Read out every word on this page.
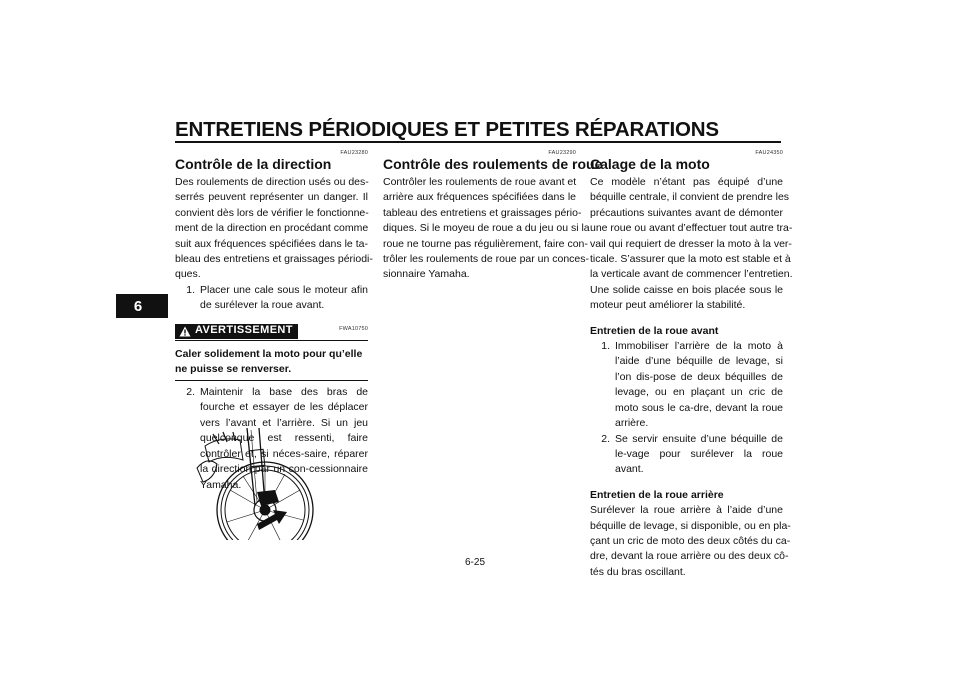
ENTRETIENS PÉRIODIQUES ET PETITES RÉPARATIONS
6
FAU23280
Contrôle de la direction
Des roulements de direction usés ou des-
serrés peuvent représenter un danger. Il
convient dès lors de vérifier le fonctionne-
ment de la direction en procédant comme
suit aux fréquences spécifiées dans le ta-
bleau des entretiens et graissages périodi-
ques.
1. Placer une cale sous le moteur afin de surélever la roue avant.
AVERTISSEMENT	FWA10750
Caler solidement la moto pour qu’elle ne puisse se renverser.
2. Maintenir la base des bras de fourche et essayer de les déplacer vers l’avant et l’arrière. Si un jeu quelconque est ressenti, faire contrôler et, si néces-saire, réparer la direction par un con-cessionnaire Yamaha.
FAU23290
Contrôle des roulements de roue
Contrôler les roulements de roue avant et
arrière aux fréquences spécifiées dans le
tableau des entretiens et graissages pério-
diques. Si le moyeu de roue a du jeu ou si la
roue ne tourne pas régulièrement, faire con-
trôler les roulements de roue par un conces-
sionnaire Yamaha.
FAU24350
Calage de la moto
Ce modèle n’étant pas équipé d’une
béquille centrale, il convient de prendre les
précautions suivantes avant de démonter
une roue ou avant d’effectuer tout autre tra-
vail qui requiert de dresser la moto à la ver-
ticale. S’assurer que la moto est stable et à
la verticale avant de commencer l’entretien.
Une solide caisse en bois placée sous le
moteur peut améliorer la stabilité.
Entretien de la roue avant
1. Immobiliser l’arrière de la moto à l’aide d’une béquille de levage, si l’on dis-pose de deux béquilles de levage, ou en plaçant un cric de moto sous le ca-dre, devant la roue arrière.
2. Se servir ensuite d’une béquille de le-vage pour surélever la roue avant.
Entretien de la roue arrière
Surélever la roue arrière à l’aide d’une
béquille de levage, si disponible, ou en pla-
çant un cric de moto des deux côtés du ca-
dre, devant la roue arrière ou des deux cô-
tés du bras oscillant.
6-25
